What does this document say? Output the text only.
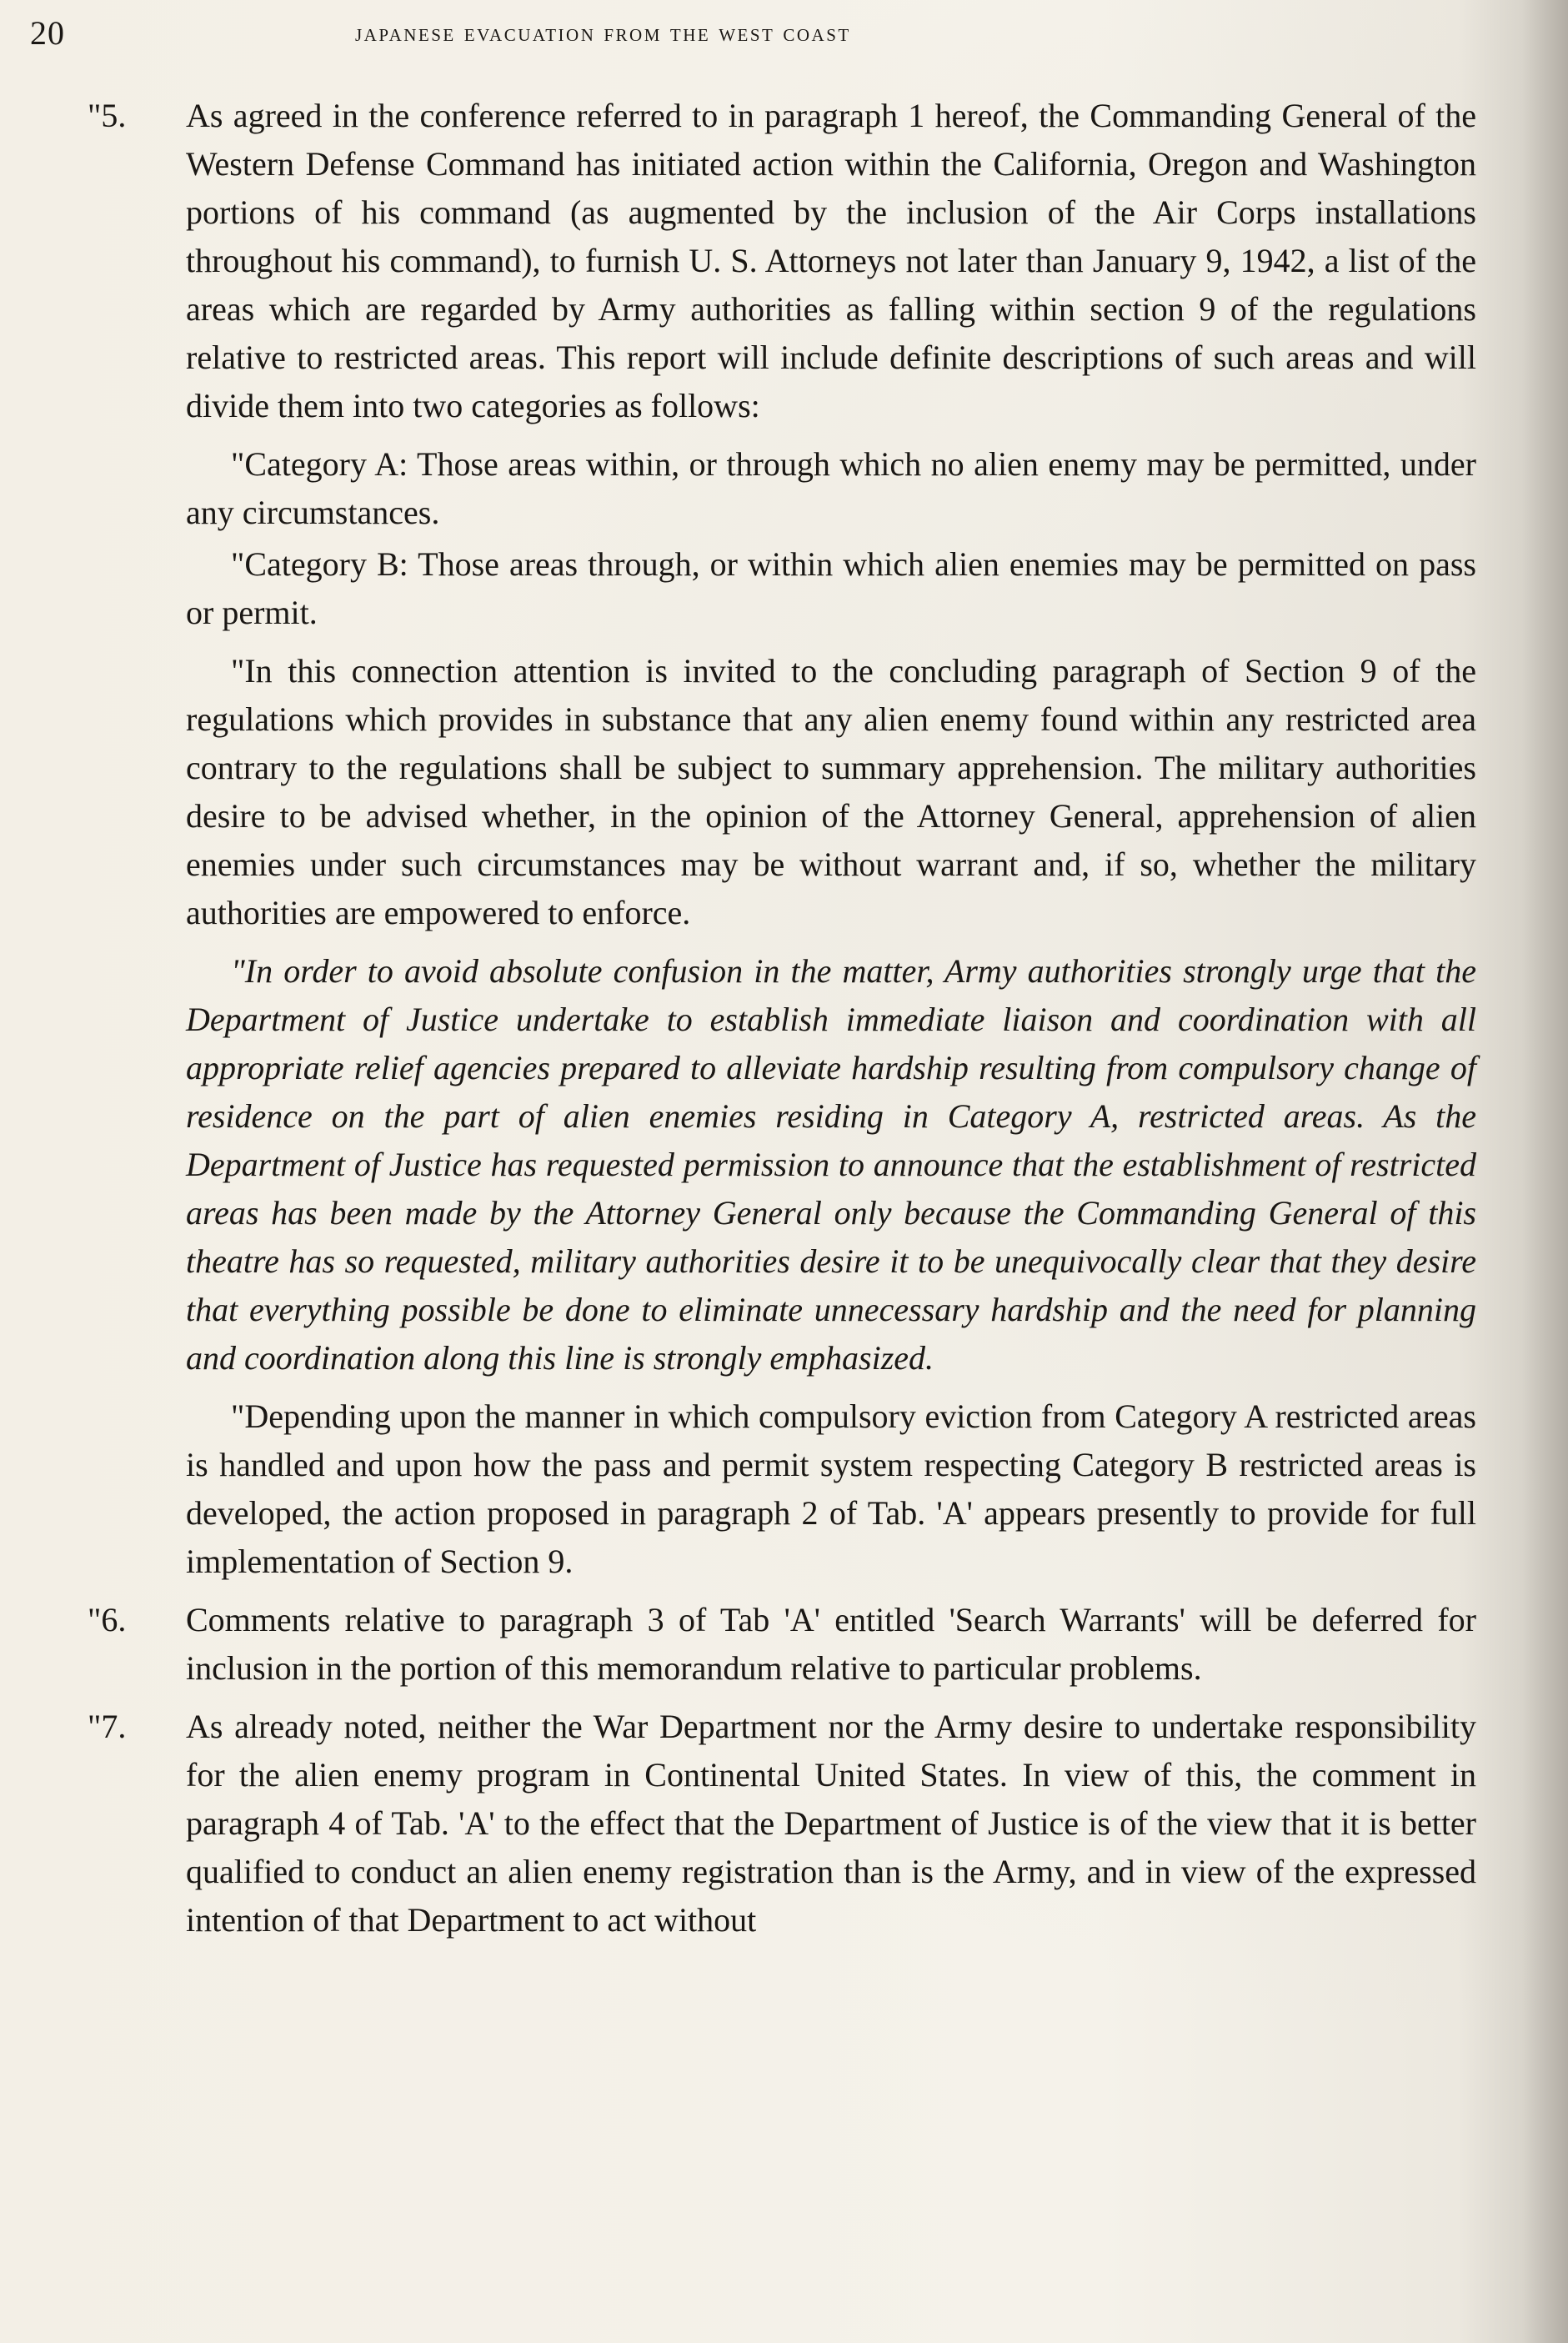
20	japanese evacuation from the west coast
"5.	As agreed in the conference referred to in paragraph 1 hereof, the Commanding General of the Western Defense Command has initiated action within the California, Oregon and Washington portions of his command (as augmented by the inclusion of the Air Corps installations throughout his command), to furnish U. S. Attorneys not later than January 9, 1942, a list of the areas which are regarded by Army authorities as falling within section 9 of the regulations relative to restricted areas. This report will include definite descriptions of such areas and will divide them into two categories as follows:
"Category A: Those areas within, or through which no alien enemy may be permitted, under any circumstances.
"Category B: Those areas through, or within which alien enemies may be permitted on pass or permit.
"In this connection attention is invited to the concluding paragraph of Section 9 of the regulations which provides in substance that any alien enemy found within any restricted area contrary to the regulations shall be subject to summary apprehension. The military authorities desire to be advised whether, in the opinion of the Attorney General, apprehension of alien enemies under such circumstances may be without warrant and, if so, whether the military authorities are empowered to enforce.
"In order to avoid absolute confusion in the matter, Army authorities strongly urge that the Department of Justice undertake to establish immediate liaison and coordination with all appropriate relief agencies prepared to alleviate hardship resulting from compulsory change of residence on the part of alien enemies residing in Category A, restricted areas. As the Department of Justice has requested permission to announce that the establishment of restricted areas has been made by the Attorney General only because the Commanding General of this theatre has so requested, military authorities desire it to be unequivocally clear that they desire that everything possible be done to eliminate unnecessary hardship and the need for planning and coordination along this line is strongly emphasized.
"Depending upon the manner in which compulsory eviction from Category A restricted areas is handled and upon how the pass and permit system respecting Category B restricted areas is developed, the action proposed in paragraph 2 of Tab. 'A' appears presently to provide for full implementation of Section 9.
"6.	Comments relative to paragraph 3 of Tab 'A' entitled 'Search Warrants' will be deferred for inclusion in the portion of this memorandum relative to particular problems.
"7.	As already noted, neither the War Department nor the Army desire to undertake responsibility for the alien enemy program in Continental United States. In view of this, the comment in paragraph 4 of Tab. 'A' to the effect that the Department of Justice is of the view that it is better qualified to conduct an alien enemy registration than is the Army, and in view of the expressed intention of that Department to act without
